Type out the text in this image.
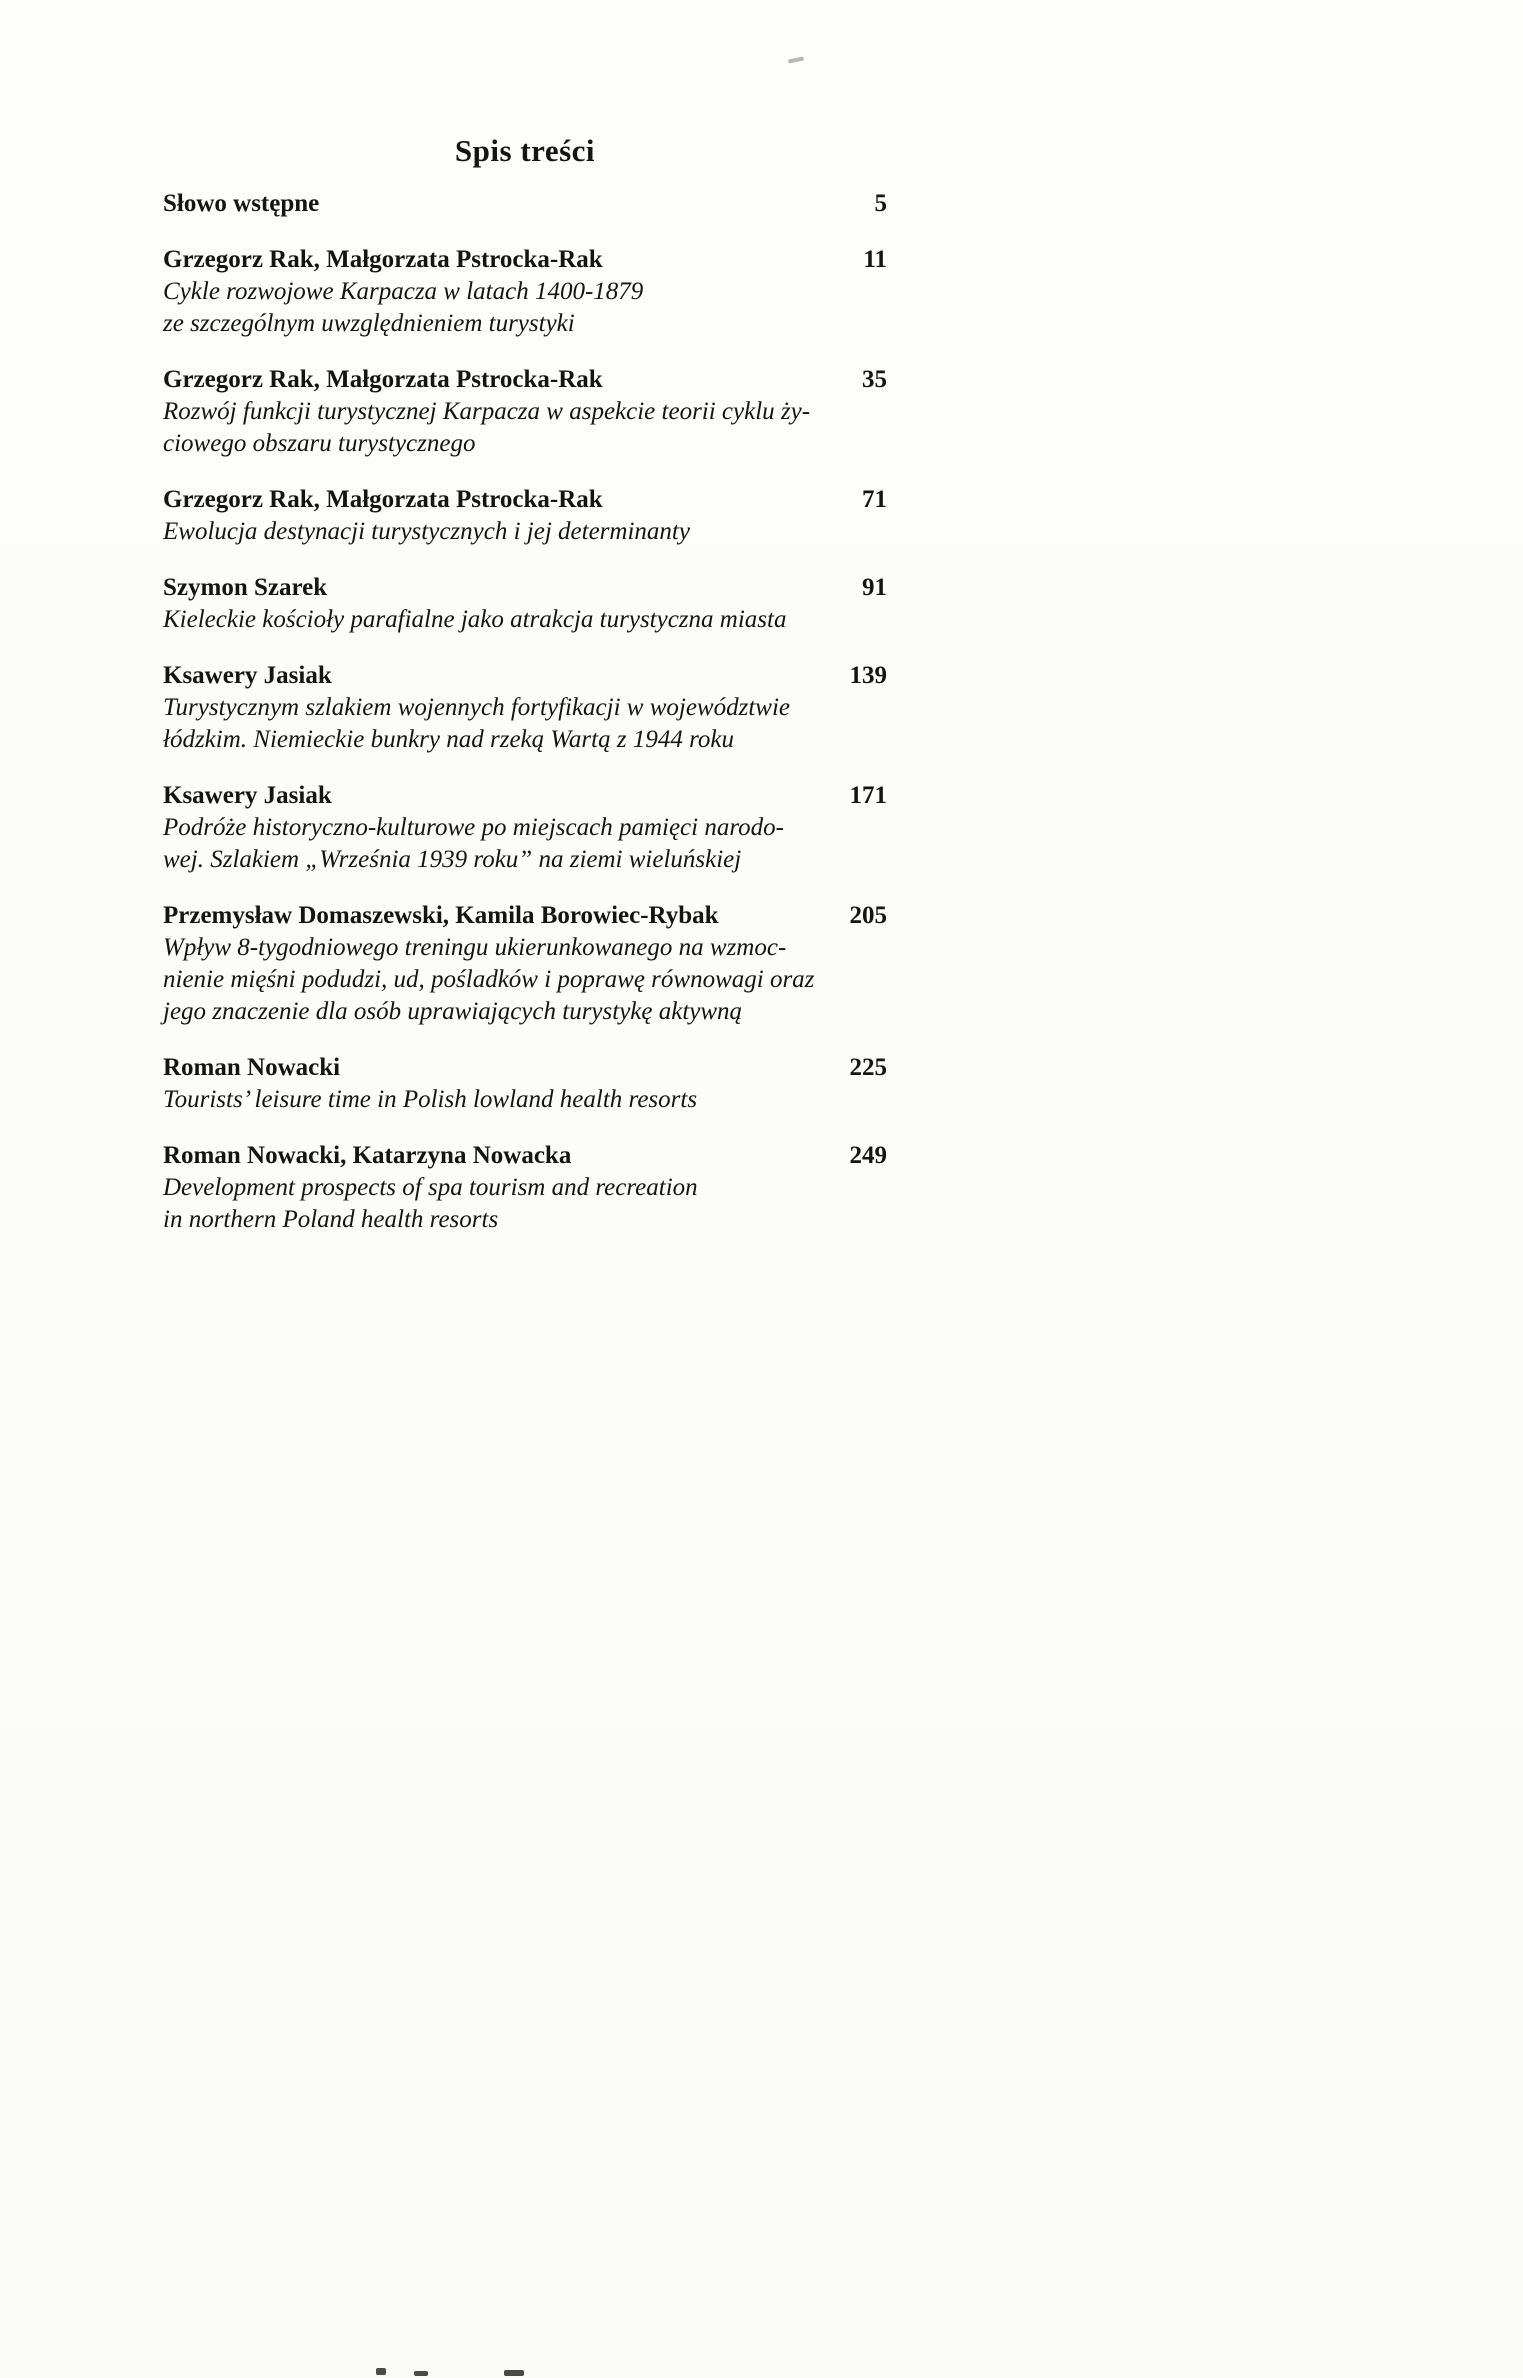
Spis treści
Słowo wstępne	5
Grzegorz Rak, Małgorzata Pstrocka-Rak	11
Cykle rozwojowe Karpacza w latach 1400-1879
ze szczególnym uwzględnieniem turystyki
Grzegorz Rak, Małgorzata Pstrocka-Rak	35
Rozwój funkcji turystycznej Karpacza w aspekcie teorii cyklu ży-
ciowego obszaru turystycznego
Grzegorz Rak, Małgorzata Pstrocka-Rak	71
Ewolucja destynacji turystycznych i jej determinanty
Szymon Szarek	91
Kieleckie kościoły parafialne jako atrakcja turystyczna miasta
Ksawery Jasiak	139
Turystycznym szlakiem wojennych fortyfikacji w województwie
łódzkim. Niemieckie bunkry nad rzeką Wartą z 1944 roku
Ksawery Jasiak	171
Podróże historyczno-kulturowe po miejscach pamięci narodo-
wej. Szlakiem „Września 1939 roku” na ziemi wieluńskiej
Przemysław Domaszewski, Kamila Borowiec-Rybak	205
Wpływ 8-tygodniowego treningu ukierunkowanego na wzmoc-
nienie mięśni podudzi, ud, pośladków i poprawę równowagi oraz
jego znaczenie dla osób uprawiających turystykę aktywną
Roman Nowacki	225
Tourists’ leisure time in Polish lowland health resorts
Roman Nowacki, Katarzyna Nowacka	249
Development prospects of spa tourism and recreation
in northern Poland health resorts
